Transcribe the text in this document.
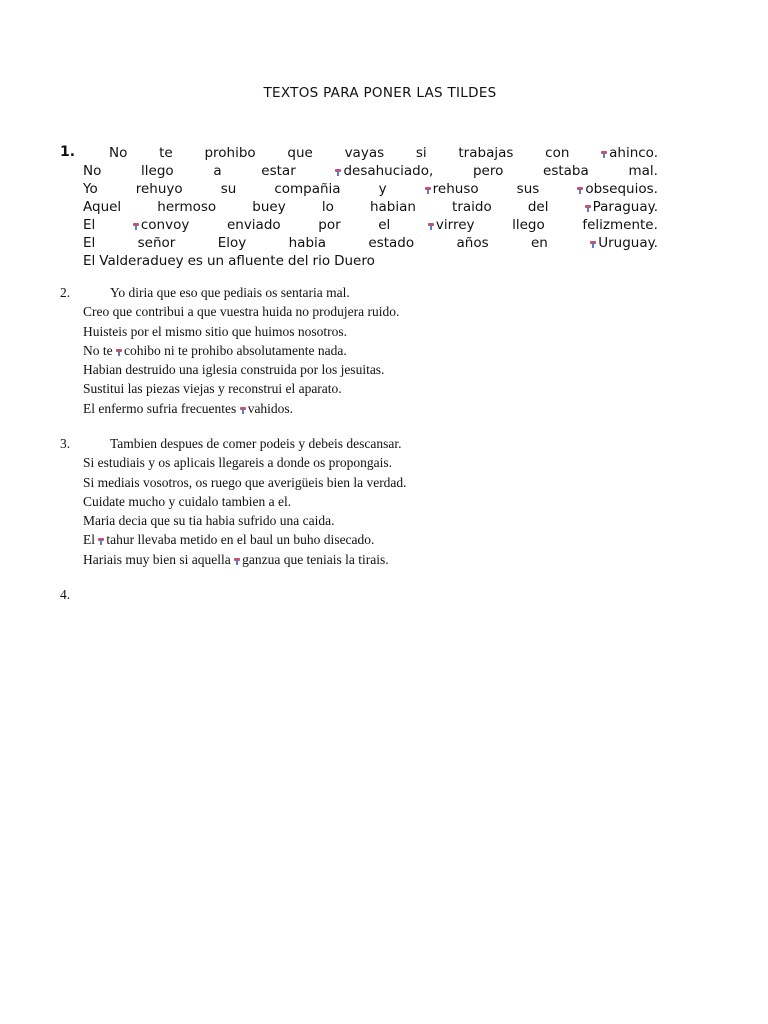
TEXTOS PARA PONER LAS TILDES
1.	No te prohibo que vayas si trabajas con	ahinco.
No	llego	a	estar	desahuciado,	pero	estaba	mal.
Yo	rehuyo	su	compañia	y	rehuso	sus	obsequios.
Aquel	hermoso	buey	lo	habian	traido	del	Paraguay.
El	convoy	enviado	por	el	virrey	llego	felizmente.
El	señor	Eloy	habia	estado	años	en	Uruguay.
El Valderaduey es un afluente del rio Duero
2.	Yo diria que eso que pediais os sentaria mal.
Creo que contribui a que vuestra huida no produjera ruido.
Huisteis por el mismo sitio que huimos nosotros.
No te cohibo ni te prohibo absolutamente nada.
Habian destruido una iglesia construida por los jesuitas.
Sustitui las piezas viejas y reconstrui el aparato.
El enfermo sufria frecuentes vahidos.
3.	Tambien despues de comer podeis y debeis descansar.
Si estudiais y os aplicais llegareis a donde os propongais.
Si mediais vosotros, os ruego que averigüeis bien la verdad.
Cuidate mucho y cuidalo tambien a el.
Maria decia que su tia habia sufrido una caida.
El tahur llevaba metido en el baul un buho disecado.
Hariais muy bien si aquella ganzua que teniais la tirais.
4.
